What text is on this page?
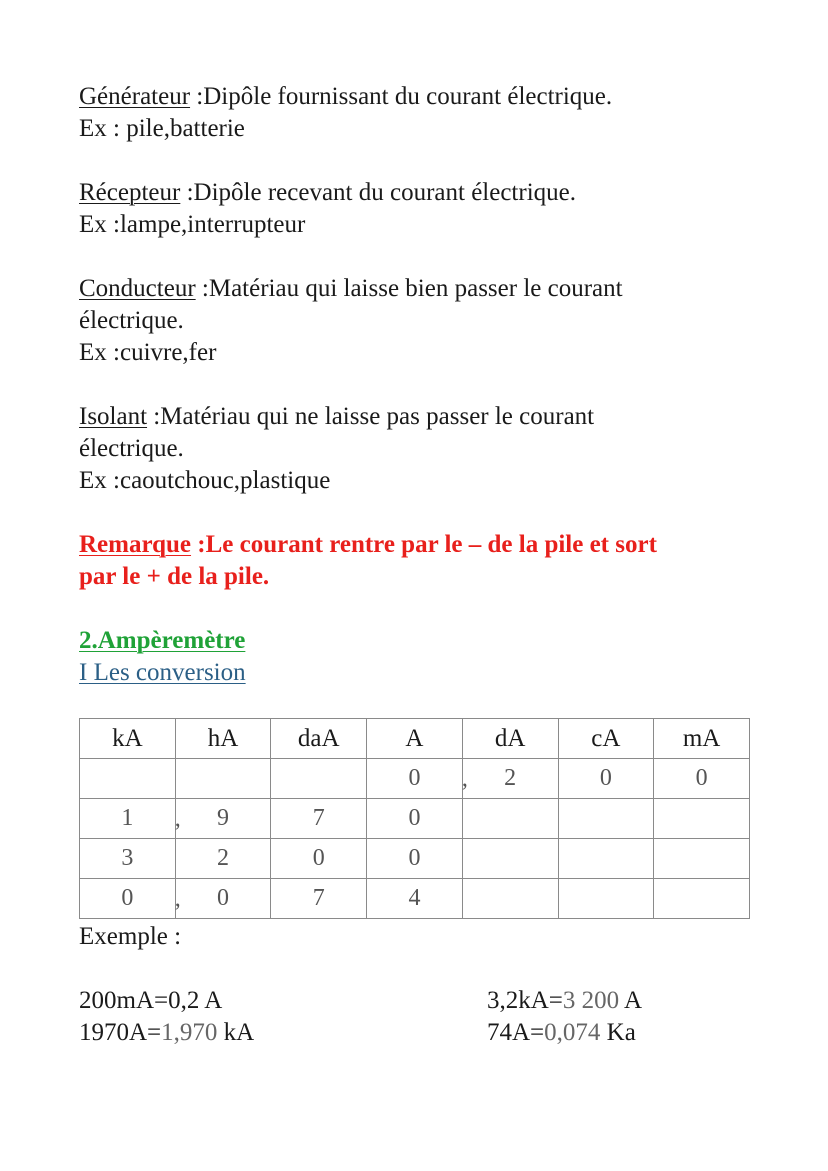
Générateur :Dipôle fournissant du courant électrique.
Ex : pile,batterie
Récepteur :Dipôle recevant du courant électrique.
Ex :lampe,interrupteur
Conducteur :Matériau qui laisse bien passer le courant
électrique.
Ex :cuivre,fer
Isolant :Matériau qui ne laisse pas passer le courant
électrique.
Ex :caoutchouc,plastique
Remarque :Le courant rentre par le – de la pile et sort
par le + de la pile.
2.Ampèremètre
I Les conversion
kA	hA	daA	A	dA	cA	mA
			0 ,	2	0	0
1 ,	9	7	0			
3	2	0	0			
0 ,	0	7	4			
Exemple :
200mA=0,2 A
1970A=1,970 kA
3,2kA=3 200 A
74A=0,074 Ka
